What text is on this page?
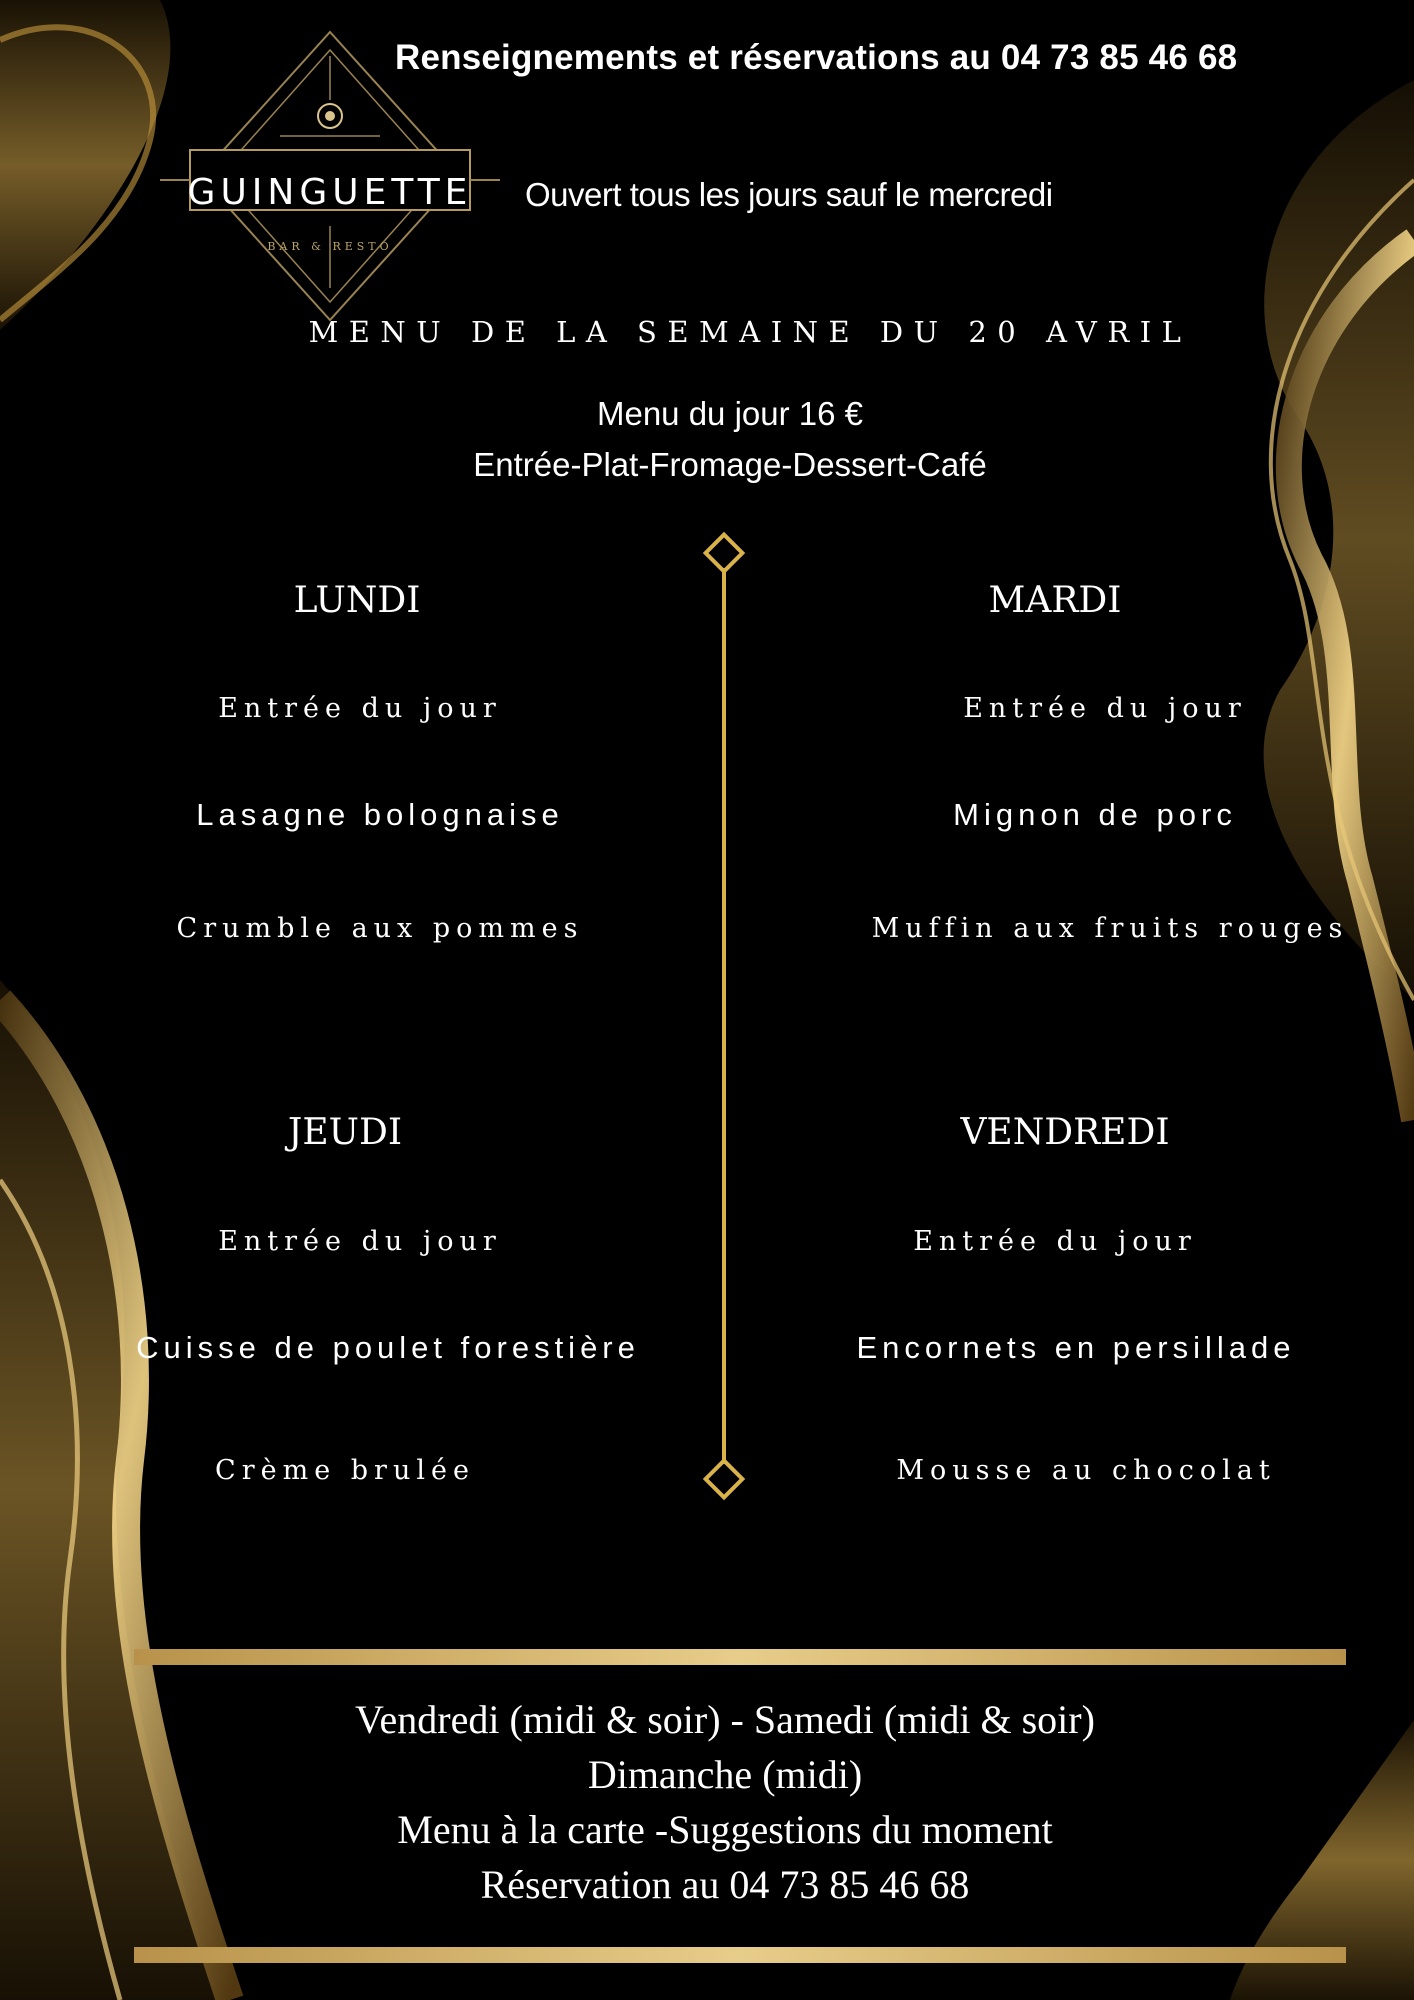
GUINGUETTE
BAR & RESTO
Renseignements et réservations au 04 73 85 46 68
Ouvert tous les jours sauf le mercredi
MENU DE LA SEMAINE DU 20 AVRIL
Menu du jour 16 €
Entrée-Plat-Fromage-Dessert-Café
LUNDI
Entrée du jour
Lasagne bolognaise
Crumble aux pommes
MARDI
Entrée du jour
Mignon de porc
Muffin aux fruits rouges
JEUDI
Entrée du jour
Cuisse de poulet forestière
Crème brulée
VENDREDI
Entrée du jour
Encornets en persillade
Mousse au chocolat
Vendredi (midi & soir) - Samedi (midi & soir)
Dimanche (midi)
Menu à la carte -Suggestions du moment
Réservation au 04 73 85 46 68
